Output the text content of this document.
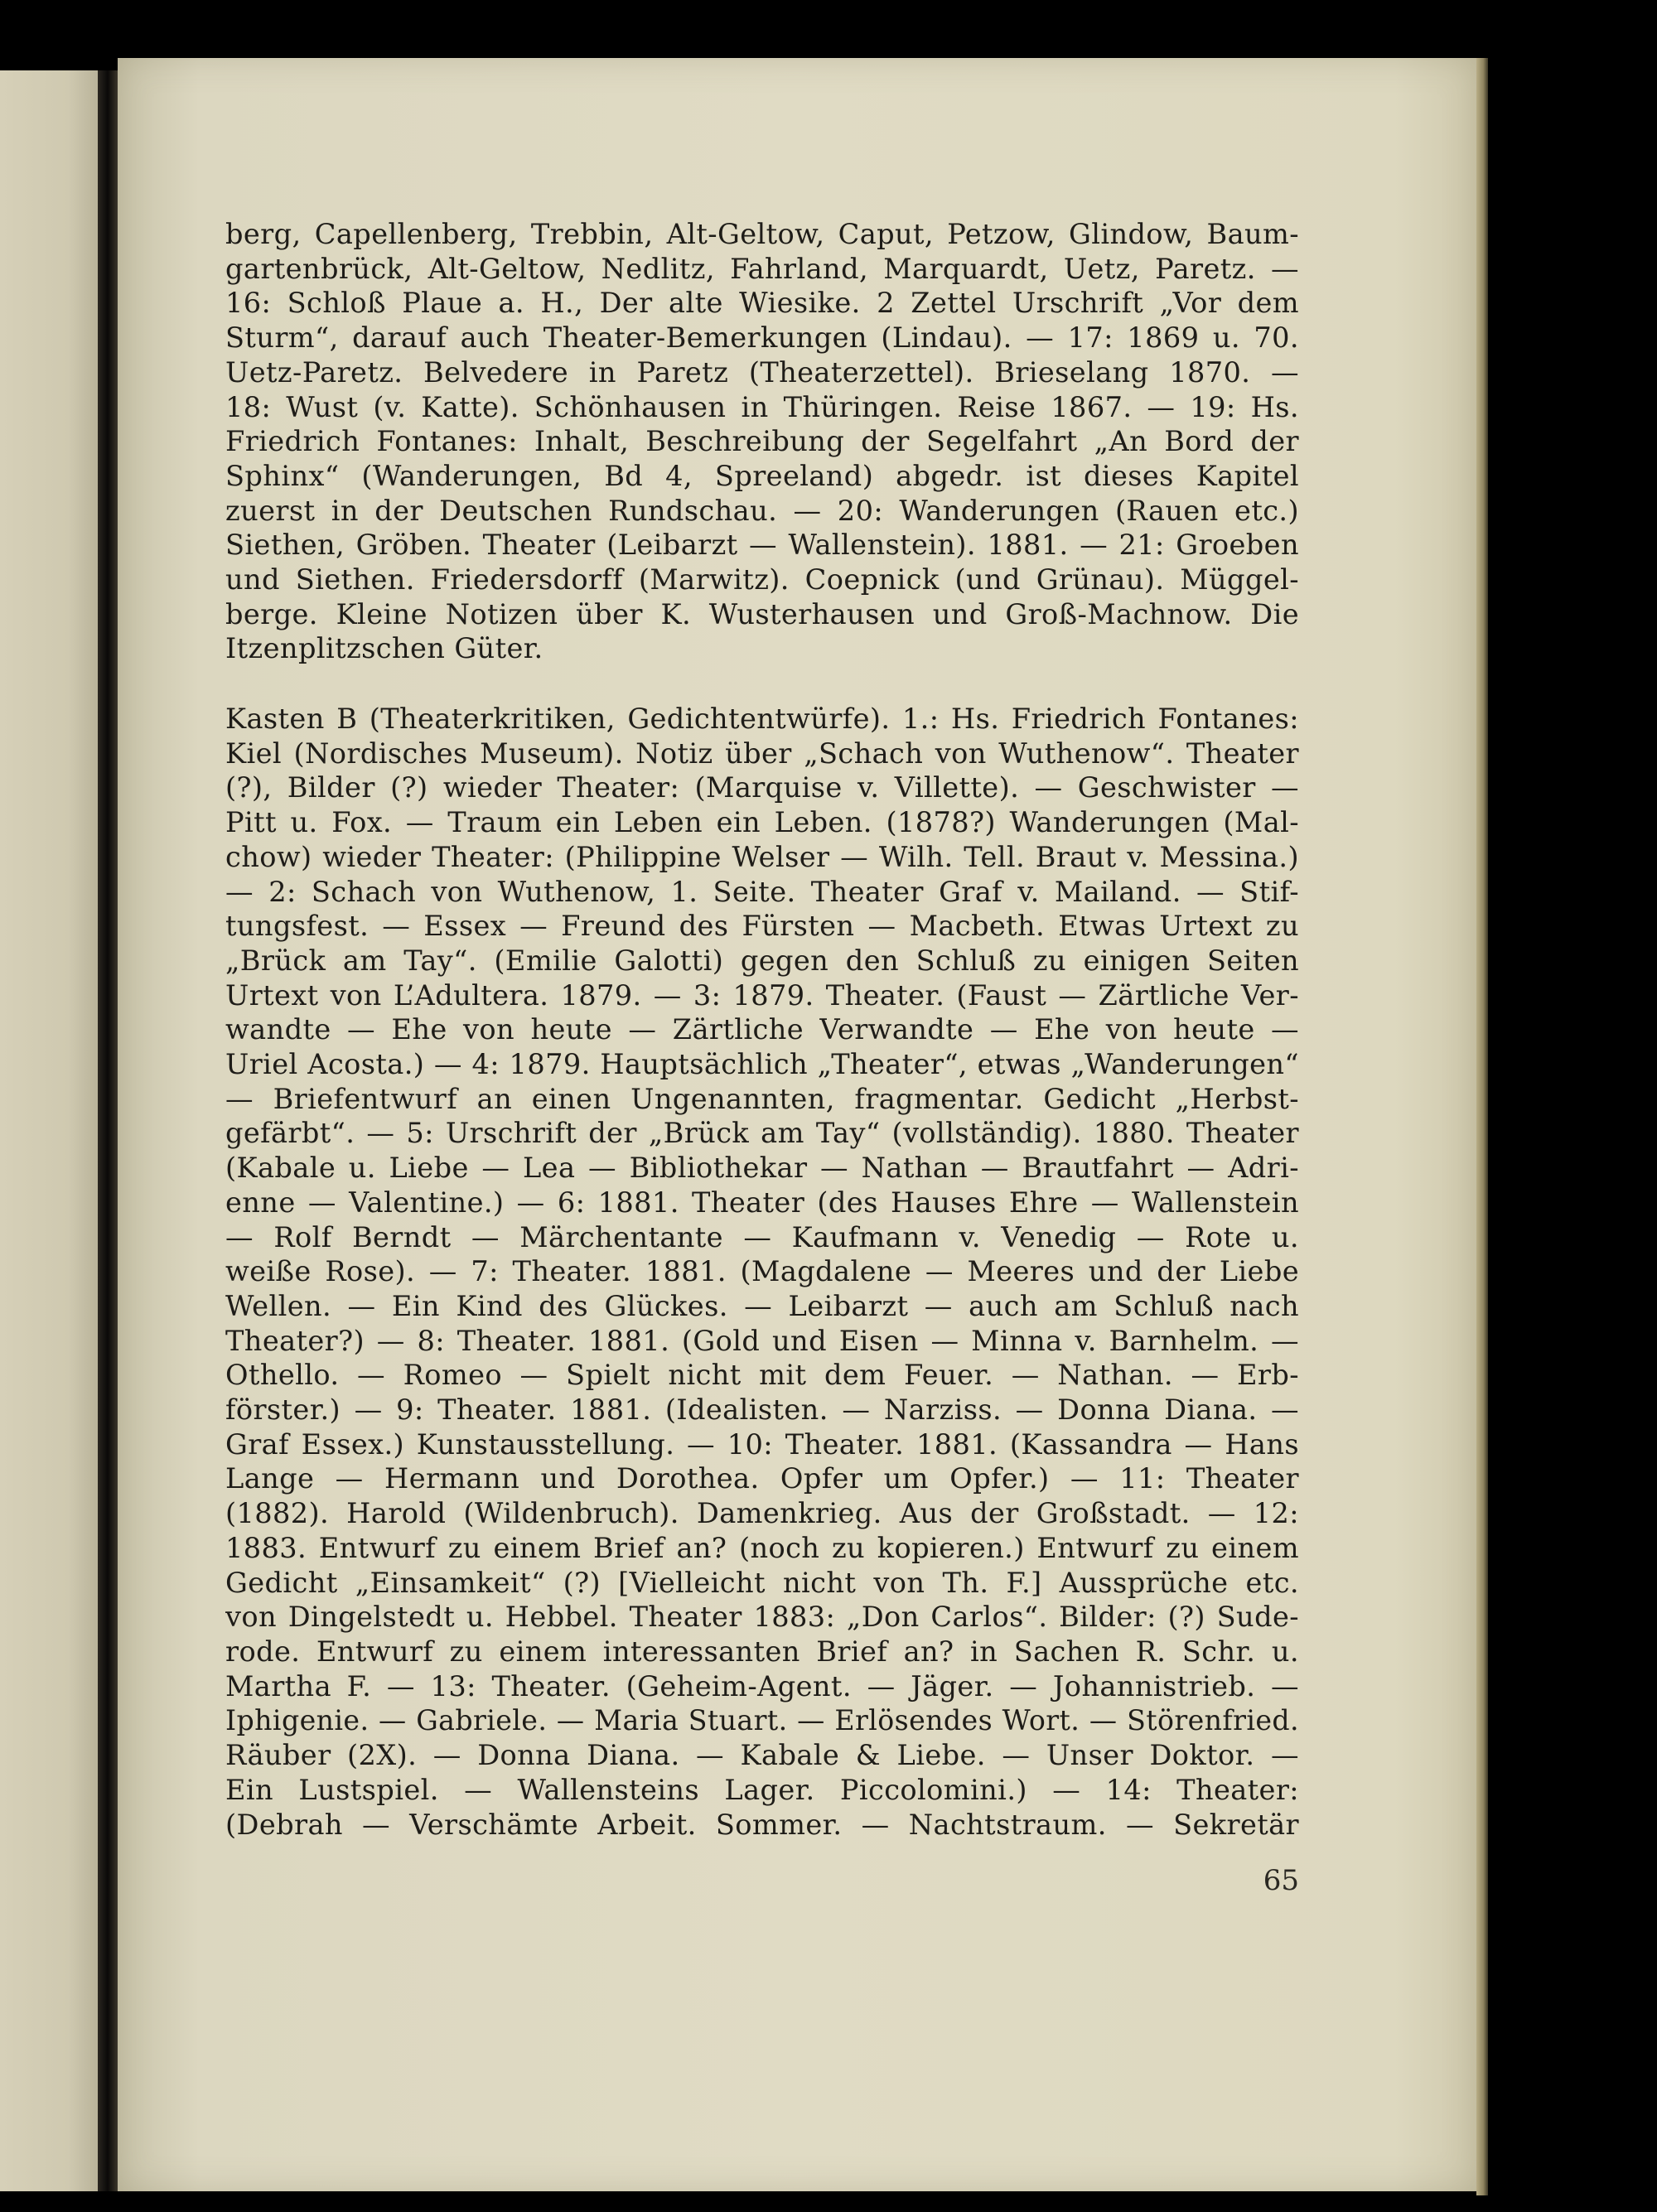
berg, Capellenberg, Trebbin, Alt-Geltow, Caput, Petzow, Glindow, Baum-
gartenbrück, Alt-Geltow, Nedlitz, Fahrland, Marquardt, Uetz, Paretz. —
16: Schloß Plaue a. H., Der alte Wiesike. 2 Zettel Urschrift „Vor dem
Sturm“, darauf auch Theater-Bemerkungen (Lindau). — 17: 1869 u. 70.
Uetz-Paretz. Belvedere in Paretz (Theaterzettel). Brieselang 1870. —
18: Wust (v. Katte). Schönhausen in Thüringen. Reise 1867. — 19: Hs.
Friedrich Fontanes: Inhalt, Beschreibung der Segelfahrt „An Bord der
Sphinx“ (Wanderungen, Bd 4, Spreeland) abgedr. ist dieses Kapitel
zuerst in der Deutschen Rundschau. — 20: Wanderungen (Rauen etc.)
Siethen, Gröben. Theater (Leibarzt — Wallenstein). 1881. — 21: Groeben
und Siethen. Friedersdorff (Marwitz). Coepnick (und Grünau). Müggel-
berge. Kleine Notizen über K. Wusterhausen und Groß-Machnow. Die
Itzenplitzschen Güter.
Kasten B (Theaterkritiken, Gedichtentwürfe). 1.: Hs. Friedrich Fontanes:
Kiel (Nordisches Museum). Notiz über „Schach von Wuthenow“. Theater
(?), Bilder (?) wieder Theater: (Marquise v. Villette). — Geschwister —
Pitt u. Fox. — Traum ein Leben ein Leben. (1878?) Wanderungen (Mal-
chow) wieder Theater: (Philippine Welser — Wilh. Tell. Braut v. Messina.)
— 2: Schach von Wuthenow, 1. Seite. Theater Graf v. Mailand. — Stif-
tungsfest. — Essex — Freund des Fürsten — Macbeth. Etwas Urtext zu
„Brück am Tay“. (Emilie Galotti) gegen den Schluß zu einigen Seiten
Urtext von L’Adultera. 1879. — 3: 1879. Theater. (Faust — Zärtliche Ver-
wandte — Ehe von heute — Zärtliche Verwandte — Ehe von heute —
Uriel Acosta.) — 4: 1879. Hauptsächlich „Theater“, etwas „Wanderungen“
— Briefentwurf an einen Ungenannten, fragmentar. Gedicht „Herbst-
gefärbt“. — 5: Urschrift der „Brück am Tay“ (vollständig). 1880. Theater
(Kabale u. Liebe — Lea — Bibliothekar — Nathan — Brautfahrt — Adri-
enne — Valentine.) — 6: 1881. Theater (des Hauses Ehre — Wallenstein
— Rolf Berndt — Märchentante — Kaufmann v. Venedig — Rote u.
weiße Rose). — 7: Theater. 1881. (Magdalene — Meeres und der Liebe
Wellen. — Ein Kind des Glückes. — Leibarzt — auch am Schluß nach
Theater?) — 8: Theater. 1881. (Gold und Eisen — Minna v. Barnhelm. —
Othello. — Romeo — Spielt nicht mit dem Feuer. — Nathan. — Erb-
förster.) — 9: Theater. 1881. (Idealisten. — Narziss. — Donna Diana. —
Graf Essex.) Kunstausstellung. — 10: Theater. 1881. (Kassandra — Hans
Lange — Hermann und Dorothea. Opfer um Opfer.) — 11: Theater
(1882). Harold (Wildenbruch). Damenkrieg. Aus der Großstadt. — 12:
1883. Entwurf zu einem Brief an? (noch zu kopieren.) Entwurf zu einem
Gedicht „Einsamkeit“ (?) [Vielleicht nicht von Th. F.] Aussprüche etc.
von Dingelstedt u. Hebbel. Theater 1883: „Don Carlos“. Bilder: (?) Sude-
rode. Entwurf zu einem interessanten Brief an? in Sachen R. Schr. u.
Martha F. — 13: Theater. (Geheim-Agent. — Jäger. — Johannistrieb. —
Iphigenie. — Gabriele. — Maria Stuart. — Erlösendes Wort. — Störenfried.
Räuber (2X). — Donna Diana. — Kabale & Liebe. — Unser Doktor. —
Ein Lustspiel. — Wallensteins Lager. Piccolomini.) — 14: Theater:
(Debrah — Verschämte Arbeit. Sommer. — Nachtstraum. — Sekretär
65
